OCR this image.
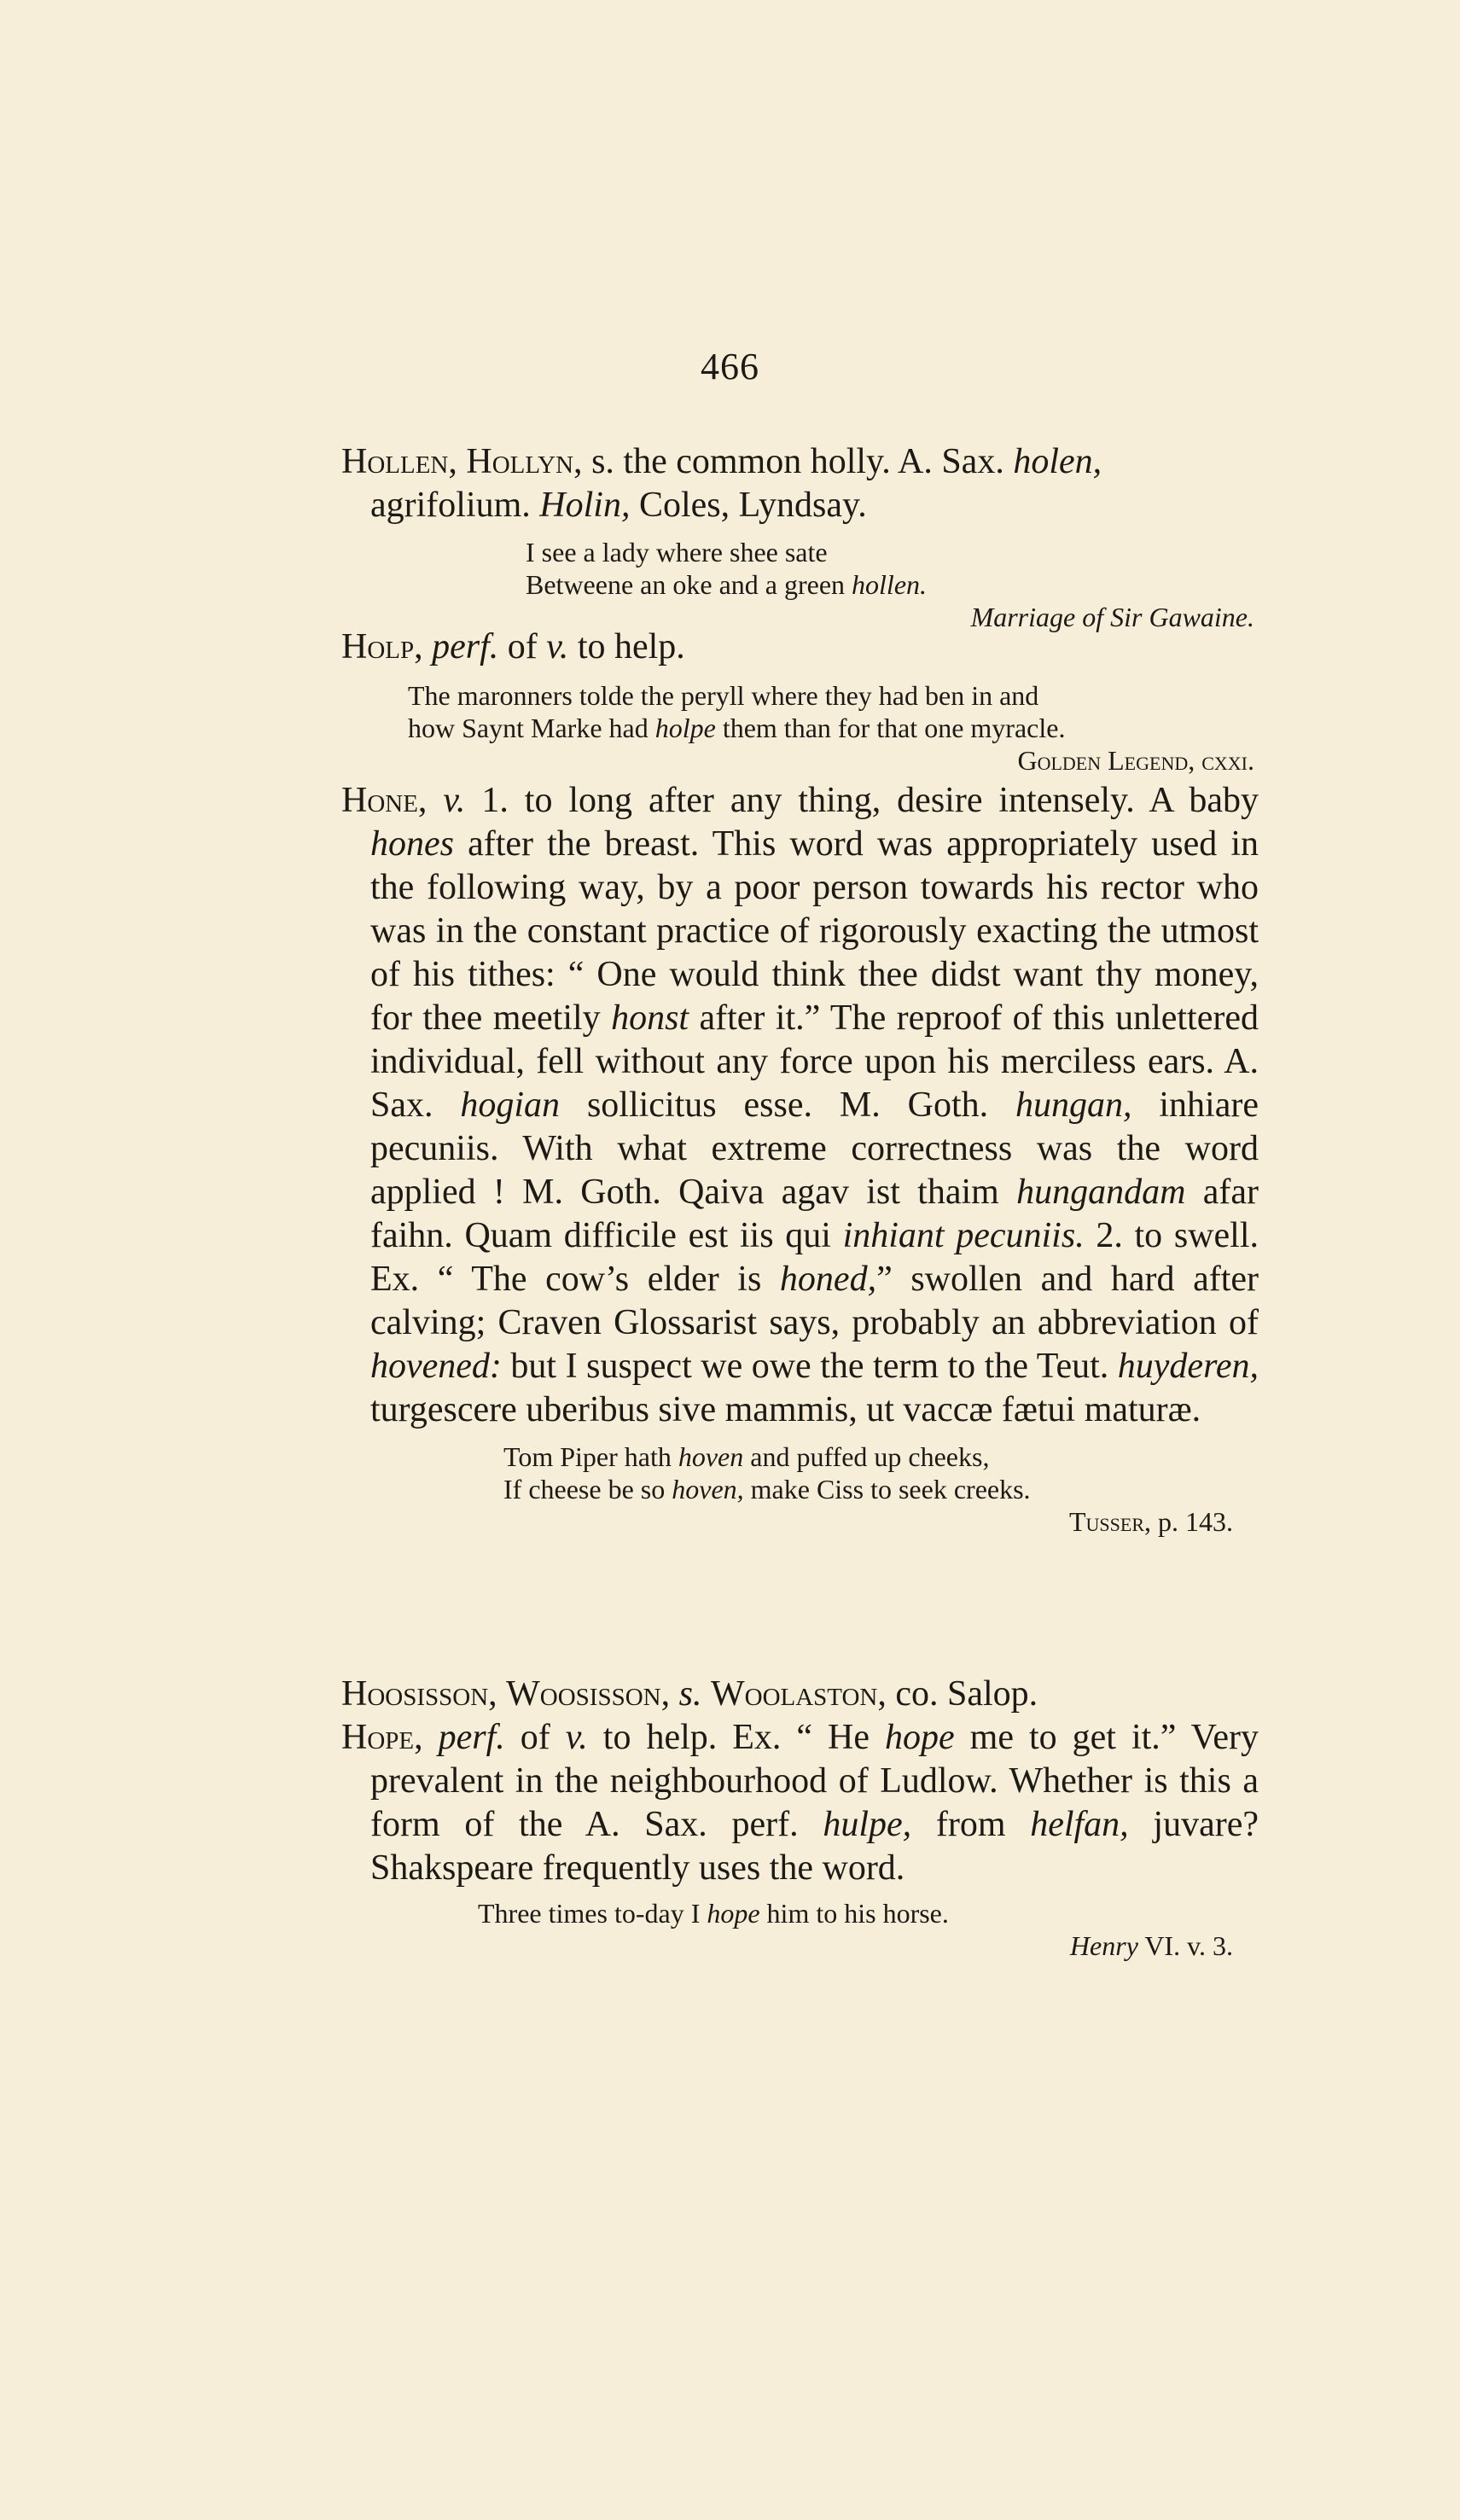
466
Hollen, Hollyn, s. the common holly. A. Sax. holen,
agrifolium. Holin, Coles, Lyndsay.
I see a lady where shee sate
Betweene an oke and a green hollen.
Marriage of Sir Gawaine.
Holp, perf. of v. to help.
The maronners tolde the peryll where they had ben in and
how Saynt Marke had holpe them than for that one myracle.
Golden Legend, cxxi.
Hone, v. 1. to long after any thing, desire intensely. A baby hones after the breast. This word was appropriately used in the following way, by a poor person towards his rector who was in the constant practice of rigorously exacting the utmost of his tithes: “ One would think thee didst want thy money, for thee meetily honst after it.” The reproof of this unlettered individual, fell without any force upon his merciless ears. A. Sax. hogian sollicitus esse. M. Goth. hungan, inhiare pecuniis. With what extreme correctness was the word applied ! M. Goth. Qaiva agav ist thaim hungandam afar faihn. Quam difficile est iis qui inhiant pecuniis. 2. to swell. Ex. “ The cow’s elder is honed,” swollen and hard after calving; Craven Glossarist says, probably an abbreviation of hovened: but I suspect we owe the term to the Teut. huyderen, turgescere uberibus sive mammis, ut vaccæ fætui maturæ.
Tom Piper hath hoven and puffed up cheeks,
If cheese be so hoven, make Ciss to seek creeks.
Tusser, p. 143.
Hoosisson, Woosisson, s. Woolaston, co. Salop.
Hope, perf. of v. to help. Ex. “ He hope me to get it.” Very prevalent in the neighbourhood of Ludlow. Whether is this a form of the A. Sax. perf. hulpe, from helfan, juvare? Shakspeare frequently uses the word.
Three times to-day I hope him to his horse.
Henry VI. v. 3.
